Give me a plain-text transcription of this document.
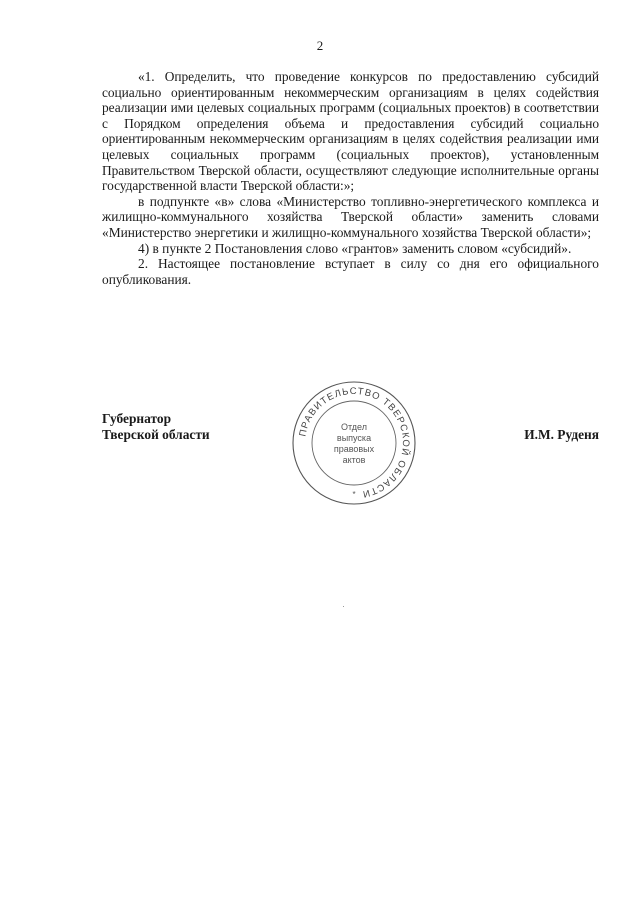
2

«1. Определить, что проведение конкурсов по предоставлению субсидий социально ориентированным некоммерческим организациям в целях содействия реализации ими целевых социальных программ (социальных проектов) в соответствии с Порядком определения объема и предоставления субсидий социально ориентированным некоммерческим организациям в целях содействия реализации ими целевых социальных программ (социальных проектов), установленным Правительством Тверской области, осуществляют следующие исполнительные органы государственной власти Тверской области:»;

в подпункте «в» слова «Министерство топливно-энергетического комплекса и жилищно-коммунального хозяйства Тверской области» заменить словами «Министерство энергетики и жилищно-коммунального хозяйства Тверской области»;

4) в пункте 2 Постановления слово «грантов» заменить словом «субсидий».

2. Настоящее постановление вступает в силу со дня его официального опубликования.

Губернатор
Тверской области	И.М. Руденя
ПРАВИТЕЛЬСТВО ТВЕРСКОЙ ОБЛАСТИ
Отдел
выпуска
правовых
актов
*
